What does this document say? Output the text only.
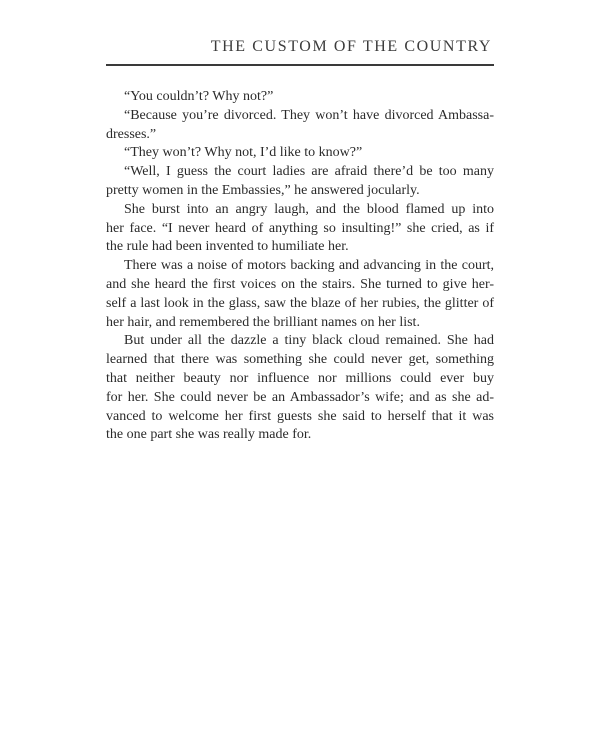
THE CUSTOM OF THE COUNTRY
“You couldn’t? Why not?”
“Because you’re divorced. They won’t have divorced Ambassa-
dresses.”
“They won’t? Why not, I’d like to know?”
“Well, I guess the court ladies are afraid there’d be too many
pretty women in the Embassies,” he answered jocularly.
She burst into an angry laugh, and the blood flamed up into
her face. “I never heard of anything so insulting!” she cried, as if
the rule had been invented to humiliate her.
There was a noise of motors backing and advancing in the court,
and she heard the first voices on the stairs. She turned to give her-
self a last look in the glass, saw the blaze of her rubies, the glitter of
her hair, and remembered the brilliant names on her list.
But under all the dazzle a tiny black cloud remained. She had
learned that there was something she could never get, something
that neither beauty nor influence nor millions could ever buy
for her. She could never be an Ambassador’s wife; and as she ad-
vanced to welcome her first guests she said to herself that it was
the one part she was really made for.
